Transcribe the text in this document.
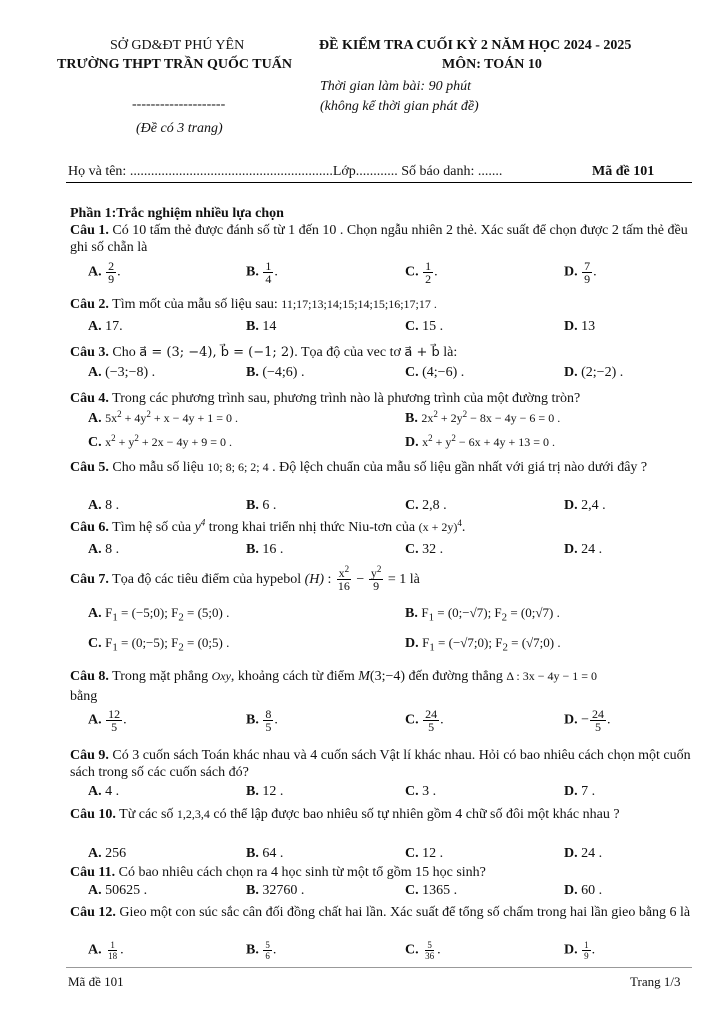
SỞ GD&ĐT PHÚ YÊN
TRƯỜNG THPT TRẦN QUỐC TUẤN
--------------------
(Đề có 3 trang)
ĐỀ KIỂM TRA CUỐI KỲ 2 NĂM HỌC 2024 - 2025
MÔN: TOÁN 10
Thời gian làm bài: 90 phút
(không kể thời gian phát đề)
Họ và tên: ..........................................................Lớp............ Số báo danh: .......	Mã đề 101
Phần 1:Trắc nghiệm nhiều lựa chọn
Câu 1. Có 10 tấm thẻ được đánh số từ 1 đến 10 . Chọn ngẫu nhiên 2 thẻ. Xác suất để chọn được 2 tấm thẻ đều ghi số chẵn là
A. $\frac{2}{9}$ .	B. $\frac{1}{4}$ .	C. $\frac{1}{2}$ .	D. $\frac{7}{9}$ .
Câu 2. Tìm mốt của mẫu số liệu sau: 11;17;13;14;15;14;15;16;17;17 .
A. 17.	B. 14	C. 15 .	D. 13
Câu 3. Cho a⃗ = (3; −4), b⃗ = (−1; 2). Tọa độ của vec tơ a⃗ + b⃗ là:
A. (−3;−8) .	B. (−4;6) .	C. (4;−6) .	D. (2;−2) .
Câu 4. Trong các phương trình sau, phương trình nào là phương trình của một đường tròn?
A. $5x^2 + 4y^2 + x - 4y + 1 = 0$ .	B. $2x^2 + 2y^2 - 8x - 4y - 6 = 0$ .
C. $x^2 + y^2 + 2x - 4y + 9 = 0$ .	D. $x^2 + y^2 - 6x + 4y + 13 = 0$ .
Câu 5. Cho mẫu số liệu 10; 8; 6; 2; 4 . Độ lệch chuẩn của mẫu số liệu gần nhất với giá trị nào dưới đây ?
A. 8 .	B. 6 .	C. 2,8 .	D. 2,4 .
Câu 6. Tìm hệ số của $y^4$ trong khai triển nhị thức Niu-tơn của $(x + 2y)^4$.
A. 8 .	B. 16 .	C. 32 .	D. 24 .
Câu 7. Tọa độ các tiêu điểm của hypebol (H) : $\frac{x^2}{16} - \frac{y^2}{9} = 1$ là
A. $F_1$ = (−5;0); $F_2$ = (5;0) .	B. $F_1$ = (0;−√7); $F_2$ = (0;√7) .
C. $F_1$ = (0;−5); $F_2$ = (0;5) .	D. $F_1$ = (−√7;0); $F_2$ = (√7;0) .
Câu 8. Trong mặt phẳng Oxy, khoảng cách từ điểm M(3;−4) đến đường thẳng Δ : 3x − 4y − 1 = 0
bằng
A. $\frac{12}{5}$ .	B. $\frac{8}{5}$ .	C. $\frac{24}{5}$ .	D. − $\frac{24}{5}$ .
Câu 9. Có 3 cuốn sách Toán khác nhau và 4 cuốn sách Vật lí khác nhau. Hỏi có bao nhiêu cách chọn một cuốn sách trong số các cuốn sách đó?
A. 4 .	B. 12 .	C. 3 .	D. 7 .
Câu 10. Từ các số 1,2,3,4 có thể lập được bao nhiêu số tự nhiên gồm 4 chữ số đôi một khác nhau ?
A. 256	B. 64 .	C. 12 .	D. 24 .
Câu 11. Có bao nhiêu cách chọn ra 4 học sinh từ một tổ gồm 15 học sinh?
A. 50625 .	B. 32760 .	C. 1365 .	D. 60 .
Câu 12. Gieo một con súc sắc cân đối đồng chất hai lần. Xác suất để tổng số chấm trong hai lần gieo bằng 6 là
A. $\frac{1}{18}$ .	B. $\frac{5}{6}$ .	C. $\frac{5}{36}$ .	D. $\frac{1}{9}$ .
Mã đề 101	Trang 1/3
